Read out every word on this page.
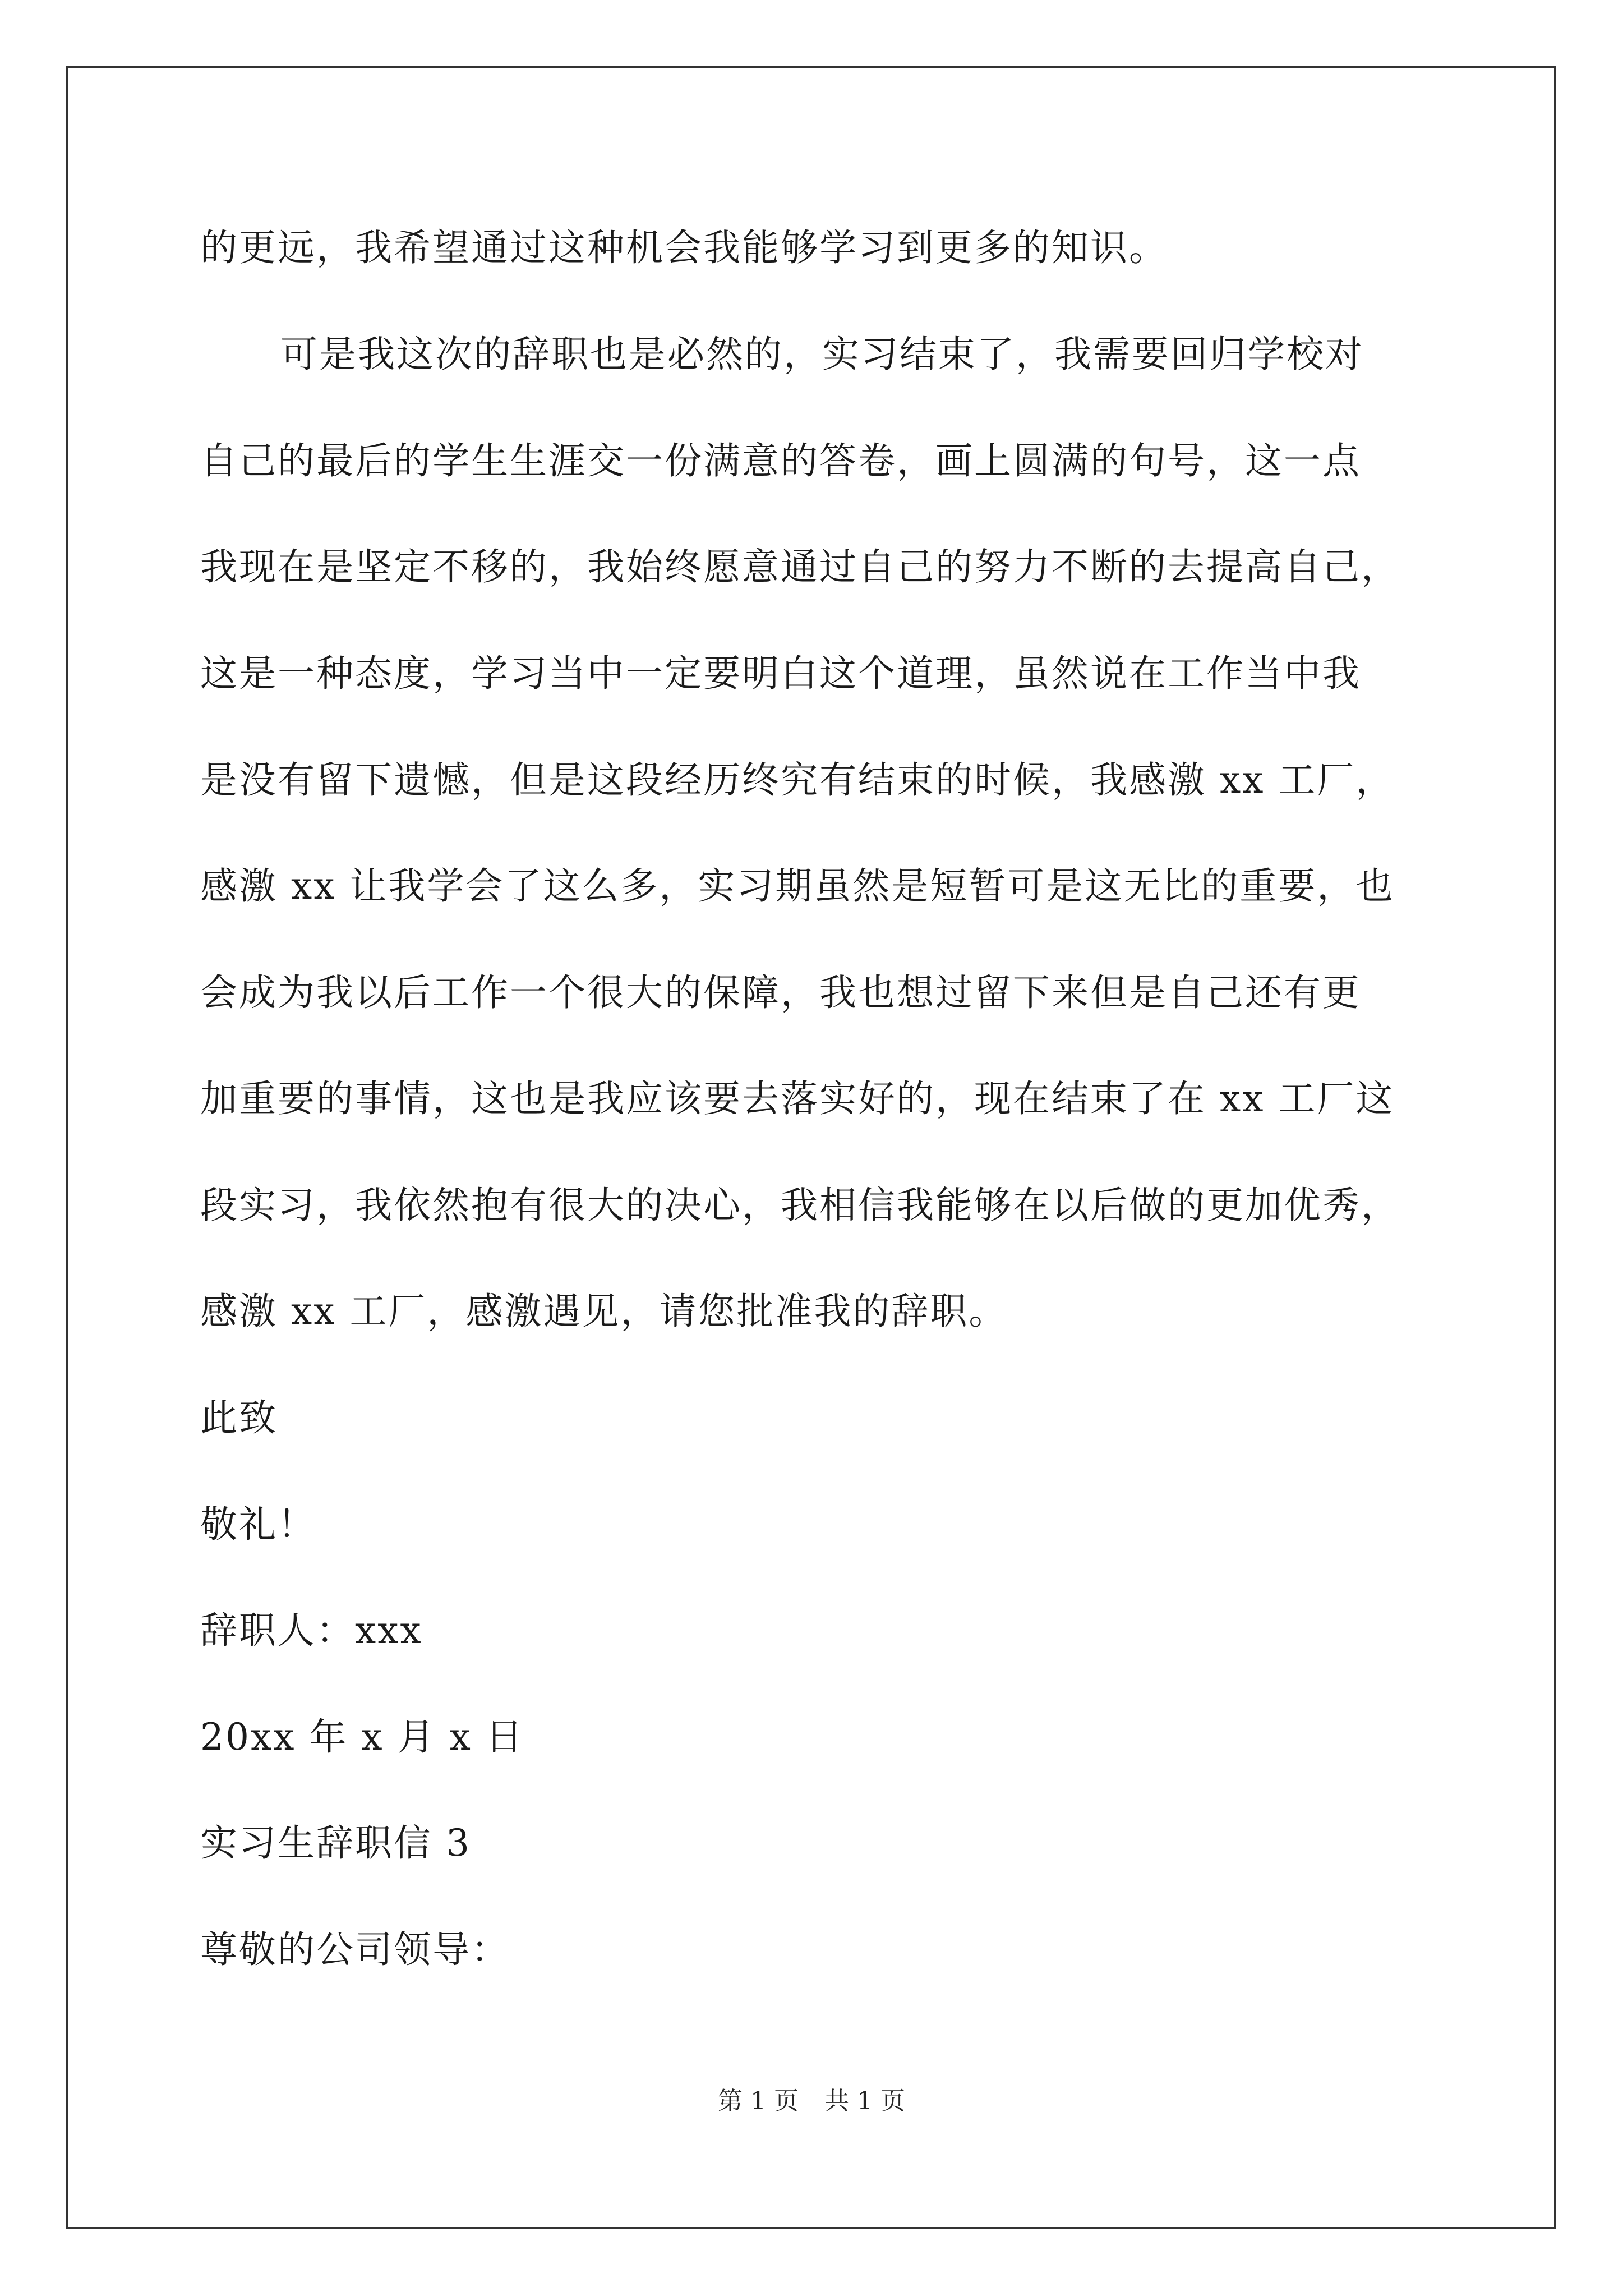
的更远，我希望通过这种机会我能够学习到更多的知识。
可是我这次的辞职也是必然的，实习结束了，我需要回归学校对
自己的最后的学生生涯交一份满意的答卷，画上圆满的句号，这一点
我现在是坚定不移的，我始终愿意通过自己的努力不断的去提高自己，
这是一种态度，学习当中一定要明白这个道理，虽然说在工作当中我
是没有留下遗憾，但是这段经历终究有结束的时候，我感激 xx 工厂，
感激 xx 让我学会了这么多，实习期虽然是短暂可是这无比的重要，也
会成为我以后工作一个很大的保障，我也想过留下来但是自己还有更
加重要的事情，这也是我应该要去落实好的，现在结束了在 xx 工厂这
段实习，我依然抱有很大的决心，我相信我能够在以后做的更加优秀，
感激 xx 工厂，感激遇见，请您批准我的辞职。
此致
敬礼！
辞职人：xxx
20xx 年 x 月 x 日
实习生辞职信 3
尊敬的公司领导：
第 1 页 共 1 页
